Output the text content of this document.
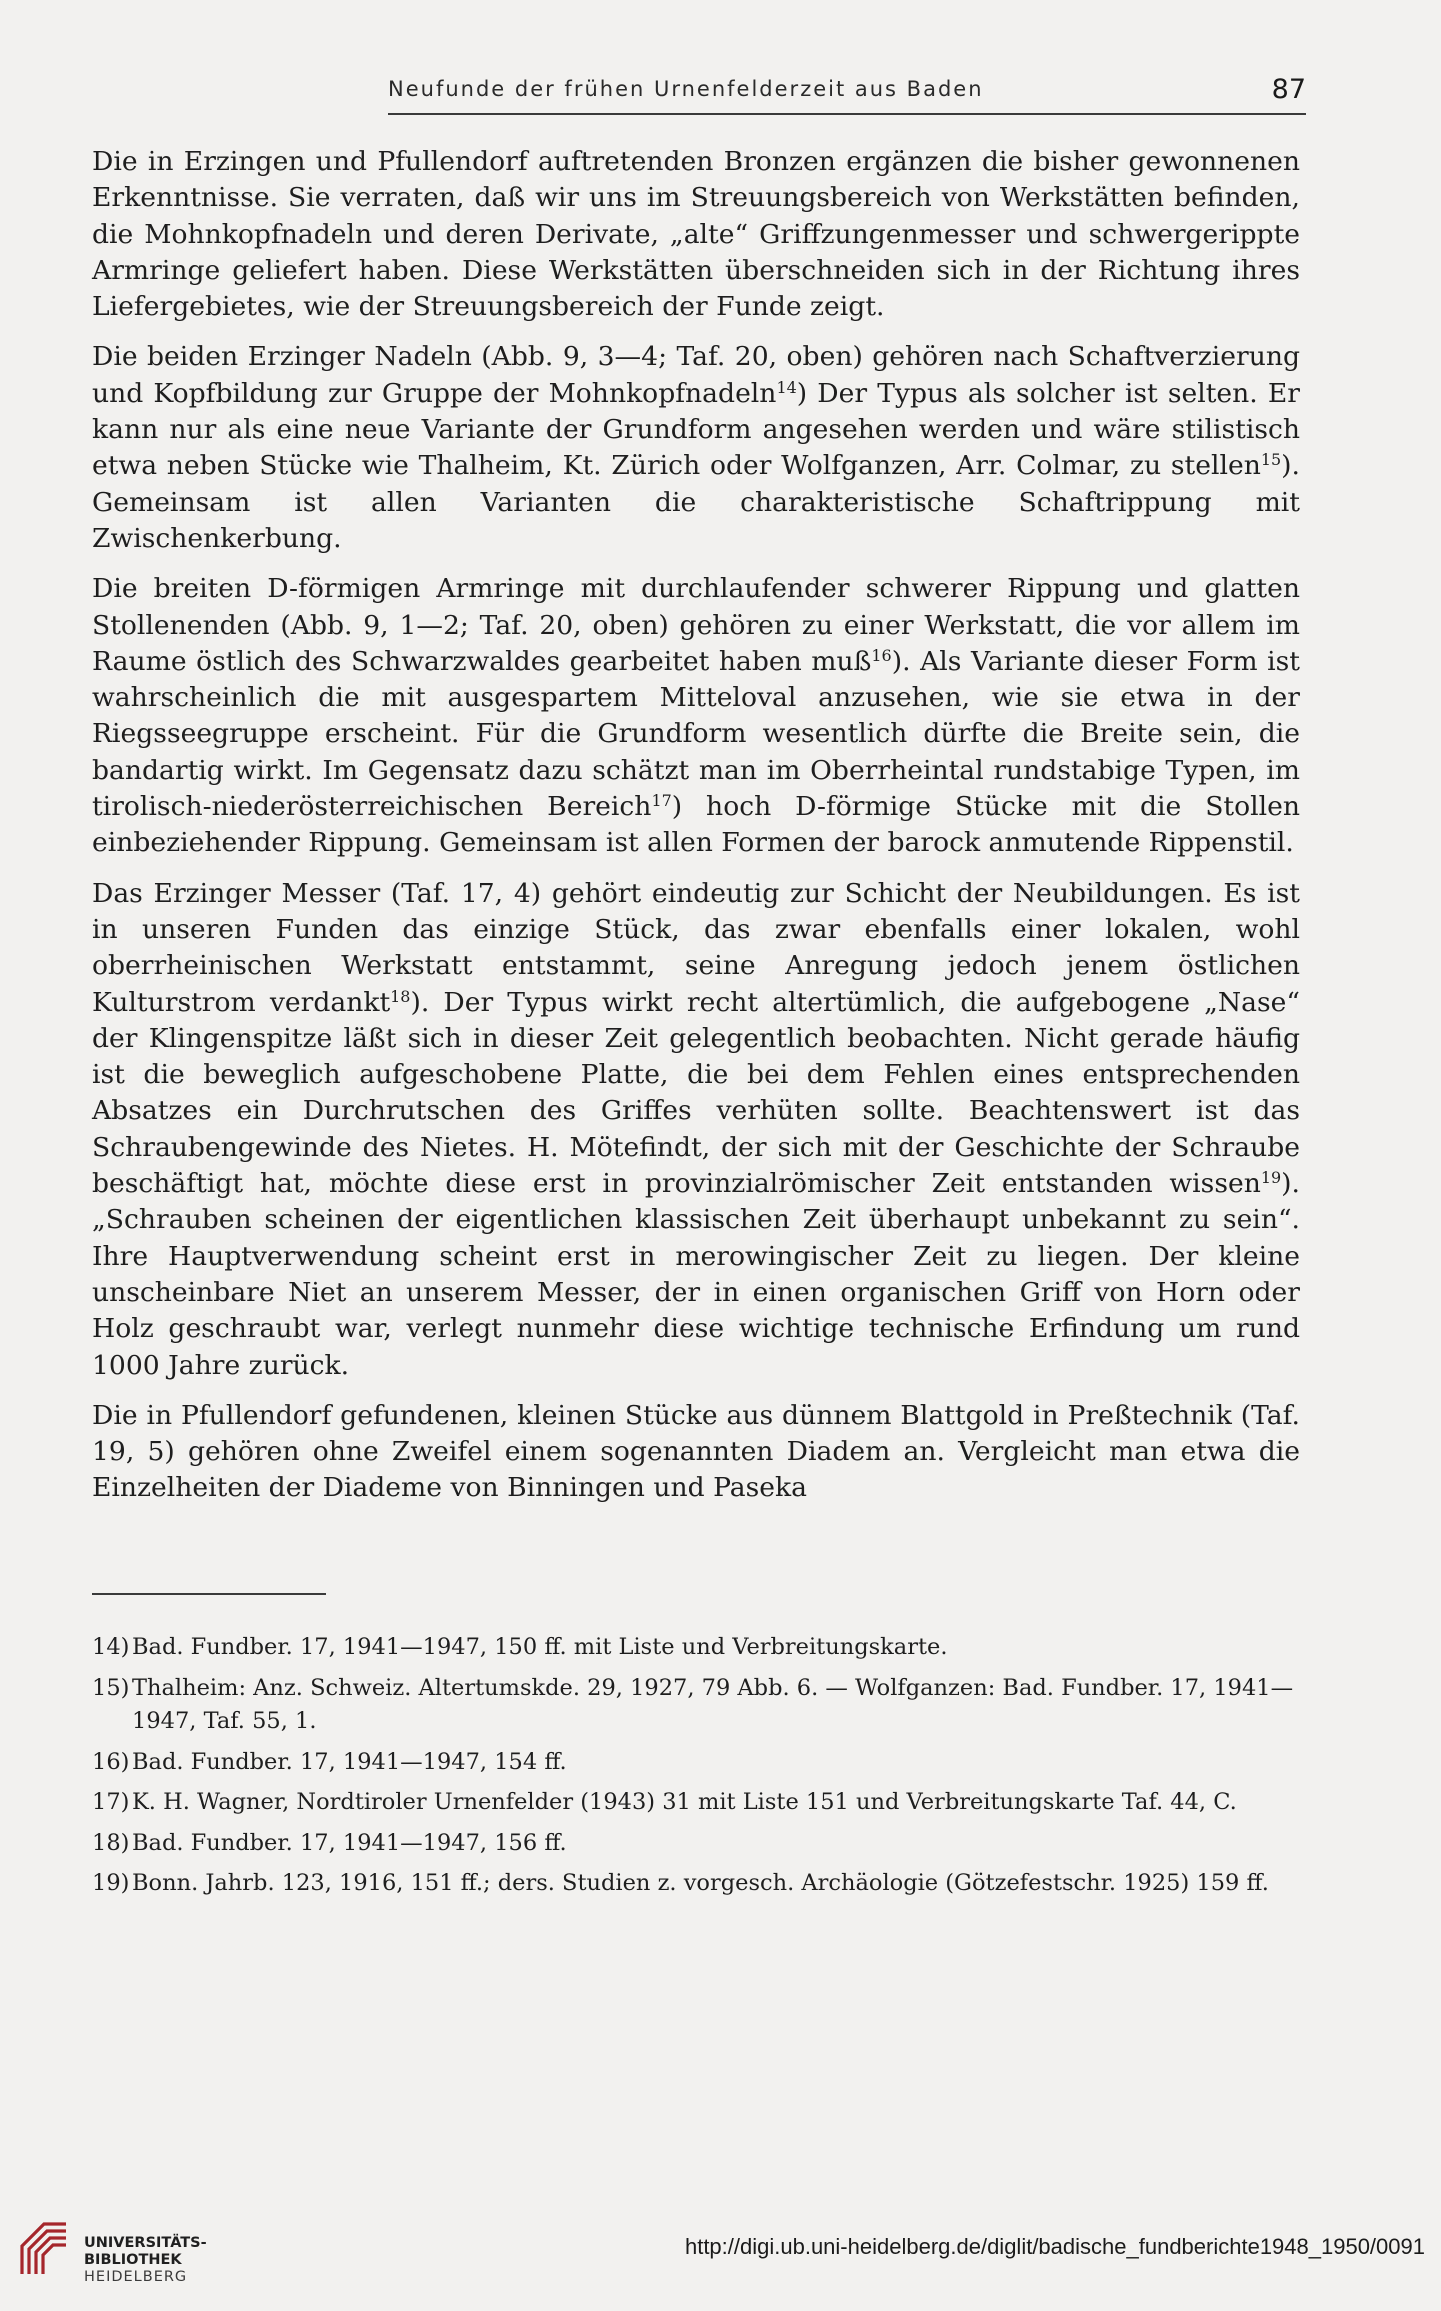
Neufunde der frühen Urnenfelderzeit aus Baden	87

Die in Erzingen und Pfullendorf auftretenden Bronzen ergänzen die bisher gewonnenen Erkenntnisse. Sie verraten, daß wir uns im Streuungsbereich von Werkstätten befinden, die Mohnkopfnadeln und deren Derivate, „alte“ Griffzungenmesser und schwergerippte Armringe geliefert haben. Diese Werkstätten überschneiden sich in der Richtung ihres Liefergebietes, wie der Streuungsbereich der Funde zeigt.

Die beiden Erzinger Nadeln (Abb. 9, 3—4; Taf. 20, oben) gehören nach Schaftverzierung und Kopfbildung zur Gruppe der Mohnkopfnadeln$^{14}$) Der Typus als solcher ist selten. Er kann nur als eine neue Variante der Grundform angesehen werden und wäre stilistisch etwa neben Stücke wie Thalheim, Kt. Zürich oder Wolfganzen, Arr. Colmar, zu stellen$^{15}$). Gemeinsam ist allen Varianten die charakteristische Schaftrippung mit Zwischenkerbung.

Die breiten D-förmigen Armringe mit durchlaufender schwerer Rippung und glatten Stollenenden (Abb. 9, 1—2; Taf. 20, oben) gehören zu einer Werkstatt, die vor allem im Raume östlich des Schwarzwaldes gearbeitet haben muß$^{16}$). Als Variante dieser Form ist wahrscheinlich die mit ausgespartem Mitteloval anzusehen, wie sie etwa in der Riegsseegruppe erscheint. Für die Grundform wesentlich dürfte die Breite sein, die bandartig wirkt. Im Gegensatz dazu schätzt man im Oberrheintal rundstabige Typen, im tirolisch-niederösterreichischen Bereich$^{17}$) hoch D-förmige Stücke mit die Stollen einbeziehender Rippung. Gemeinsam ist allen Formen der barock anmutende Rippenstil.

Das Erzinger Messer (Taf. 17, 4) gehört eindeutig zur Schicht der Neubildungen. Es ist in unseren Funden das einzige Stück, das zwar ebenfalls einer lokalen, wohl oberrheinischen Werkstatt entstammt, seine Anregung jedoch jenem östlichen Kulturstrom verdankt$^{18}$). Der Typus wirkt recht altertümlich, die aufgebogene „Nase“ der Klingenspitze läßt sich in dieser Zeit gelegentlich beobachten. Nicht gerade häufig ist die beweglich aufgeschobene Platte, die bei dem Fehlen eines entsprechenden Absatzes ein Durchrutschen des Griffes verhüten sollte. Beachtenswert ist das Schraubengewinde des Nietes. H. Mötefindt, der sich mit der Geschichte der Schraube beschäftigt hat, möchte diese erst in provinzialrömischer Zeit entstanden wissen$^{19}$). „Schrauben scheinen der eigentlichen klassischen Zeit überhaupt unbekannt zu sein“. Ihre Hauptverwendung scheint erst in merowingischer Zeit zu liegen. Der kleine unscheinbare Niet an unserem Messer, der in einen organischen Griff von Horn oder Holz geschraubt war, verlegt nunmehr diese wichtige technische Erfindung um rund 1000 Jahre zurück.

Die in Pfullendorf gefundenen, kleinen Stücke aus dünnem Blattgold in Preßtechnik (Taf. 19, 5) gehören ohne Zweifel einem sogenannten Diadem an. Vergleicht man etwa die Einzelheiten der Diademe von Binningen und Paseka

14) Bad. Fundber. 17, 1941—1947, 150 ff. mit Liste und Verbreitungskarte.
15) Thalheim: Anz. Schweiz. Altertumskde. 29, 1927, 79 Abb. 6. — Wolfganzen: Bad. Fundber. 17, 1941—1947, Taf. 55, 1.
16) Bad. Fundber. 17, 1941—1947, 154 ff.
17) K. H. Wagner, Nordtiroler Urnenfelder (1943) 31 mit Liste 151 und Verbreitungskarte Taf. 44, C.
18) Bad. Fundber. 17, 1941—1947, 156 ff.
19) Bonn. Jahrb. 123, 1916, 151 ff.; ders. Studien z. vorgesch. Archäologie (Götzefestschr. 1925) 159 ff.
UNIVERSITÄTS-
BIBLIOTHEK
HEIDELBERG
http://digi.ub.uni-heidelberg.de/diglit/badische_fundberichte1948_1950/0091
